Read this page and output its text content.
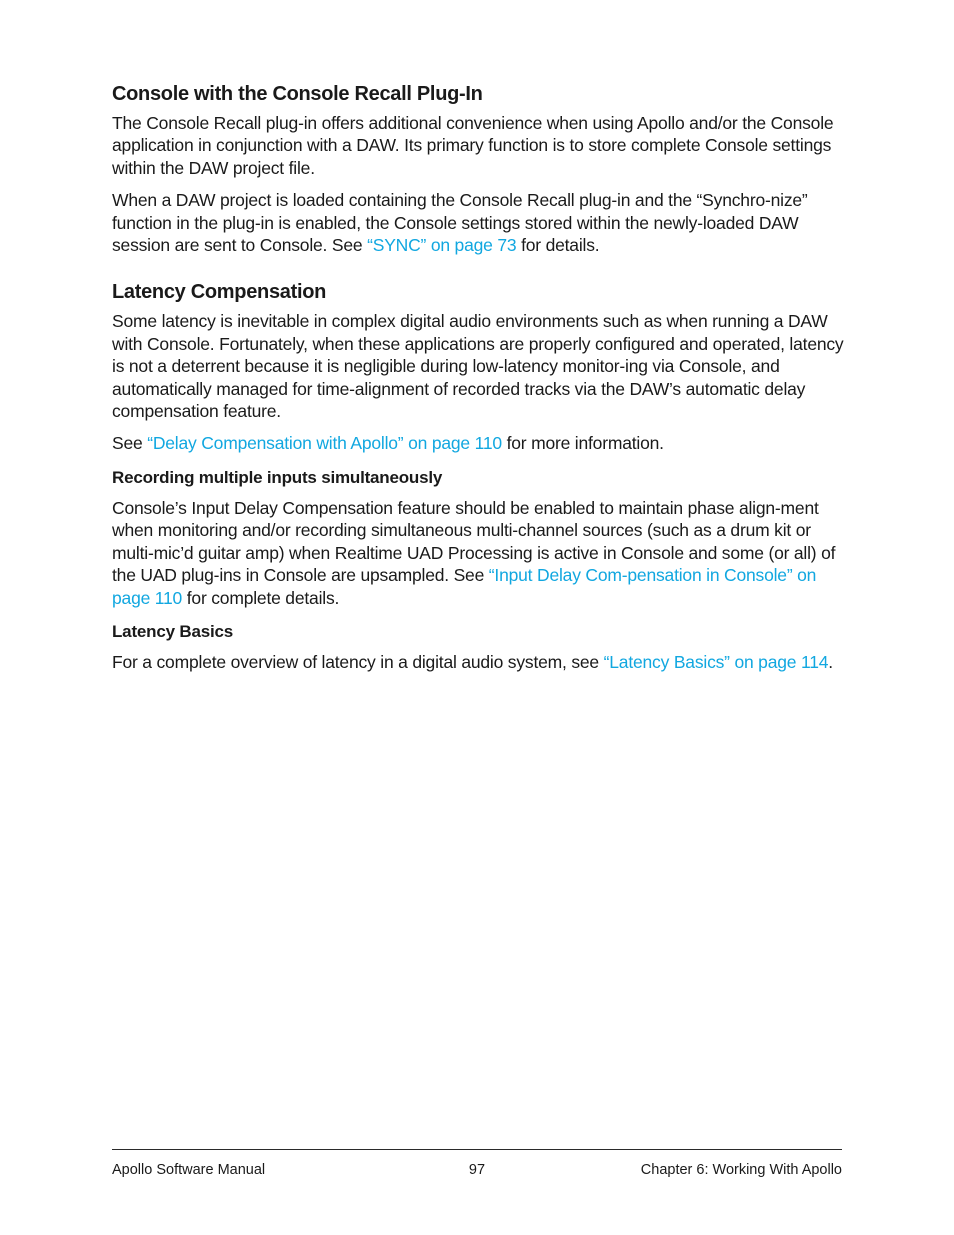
Console with the Console Recall Plug-In

The Console Recall plug-in offers additional convenience when using Apollo and/or the Console application in conjunction with a DAW. Its primary function is to store complete Console settings within the DAW project file.

When a DAW project is loaded containing the Console Recall plug-in and the “Synchro-nize” function in the plug-in is enabled, the Console settings stored within the newly-loaded DAW session are sent to Console. See “SYNC” on page 73 for details.

Latency Compensation

Some latency is inevitable in complex digital audio environments such as when running a DAW with Console. Fortunately, when these applications are properly configured and operated, latency is not a deterrent because it is negligible during low-latency monitor-ing via Console, and automatically managed for time-alignment of recorded tracks via the DAW’s automatic delay compensation feature.

See “Delay Compensation with Apollo” on page 110 for more information.

Recording multiple inputs simultaneously

Console’s Input Delay Compensation feature should be enabled to maintain phase align-ment when monitoring and/or recording simultaneous multi-channel sources (such as a drum kit or multi-mic’d guitar amp) when Realtime UAD Processing is active in Console and some (or all) of the UAD plug-ins in Console are upsampled. See “Input Delay Com-pensation in Console” on page 110 for complete details.

Latency Basics

For a complete overview of latency in a digital audio system, see “Latency Basics” on page 114.

Apollo Software Manual	97	Chapter 6: Working With Apollo
